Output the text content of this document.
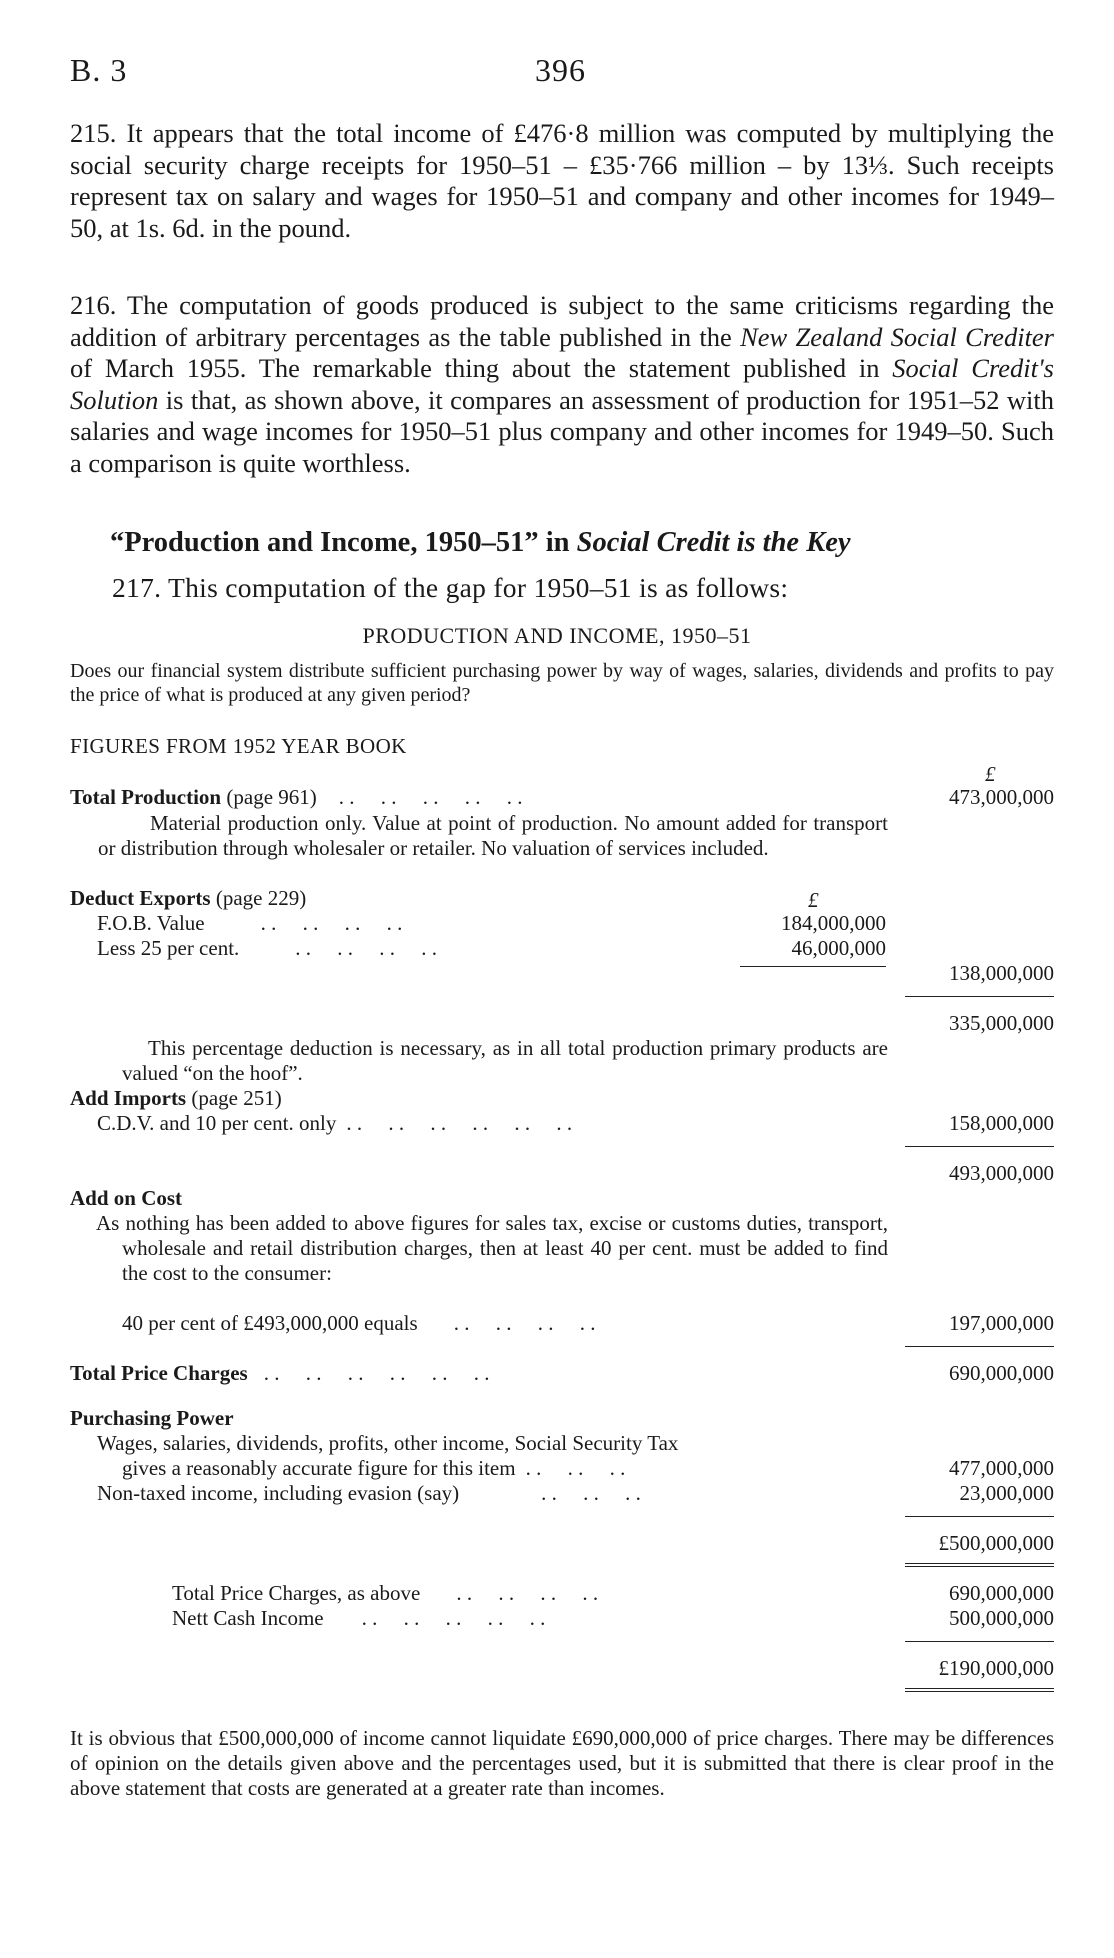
B. 3	396

215. It appears that the total income of £476·8 million was computed by multiplying the social security charge receipts for 1950–51 – £35·766 million – by 13⅓. Such receipts represent tax on salary and wages for 1950–51 and company and other incomes for 1949–50, at 1s. 6d. in the pound.

216. The computation of goods produced is subject to the same criticisms regarding the addition of arbitrary percentages as the table published in the New Zealand Social Crediter of March 1955. The remarkable thing about the statement published in Social Credit's Solution is that, as shown above, it compares an assessment of production for 1951–52 with salaries and wage incomes for 1950–51 plus company and other incomes for 1949–50. Such a comparison is quite worthless.

“Production and Income, 1950–51” in Social Credit is the Key
217. This computation of the gap for 1950–51 is as follows:
PRODUCTION AND INCOME, 1950–51

Does our financial system distribute sufficient purchasing power by way of wages, salaries, dividends and profits to pay the price of what is produced at any given period?

FIGURES FROM 1952 YEAR BOOK
£
Total Production (page 961) . .     . .     . .     . .     . .	473,000,000

Material production only. Value at point of production. No amount added for transport or distribution through wholesaler or retailer. No valuation of services included.

Deduct Exports (page 229)	£
F.O.B. Value	. .     . .     . .     . .	184,000,000
Less 25 per cent.	. .     . .     . .     . .	46,000,000
138,000,000
335,000,000

This percentage deduction is necessary, as in all total production primary products are valued “on the hoof”.

Add Imports (page 251)
C.D.V. and 10 per cent. only . .     . .     . .     . .     . .     . .	158,000,000
493,000,000
Add on Cost

As nothing has been added to above figures for sales tax, excise or customs duties, transport, wholesale and retail distribution charges, then at least 40 per cent. must be added to find the cost to the consumer:

40 per cent of £493,000,000 equals . .     . .     . .     . .	197,000,000
Total Price Charges . .     . .     . .     . .     . .     . .	690,000,000
Purchasing Power
Wages, salaries, dividends, profits, other income, Social Security Tax
gives a reasonably accurate figure for this item . .     . .     . .	477,000,000
Non-taxed income, including evasion (say)	. .     . .     . .	23,000,000
£500,000,000
Total Price Charges, as above . .     . .     . .     . .	690,000,000
Nett Cash Income . .     . .     . .     . .     . .	500,000,000
£190,000,000

It is obvious that £500,000,000 of income cannot liquidate £690,000,000 of price charges. There may be differences of opinion on the details given above and the percentages used, but it is submitted that there is clear proof in the above statement that costs are generated at a greater rate than incomes.
